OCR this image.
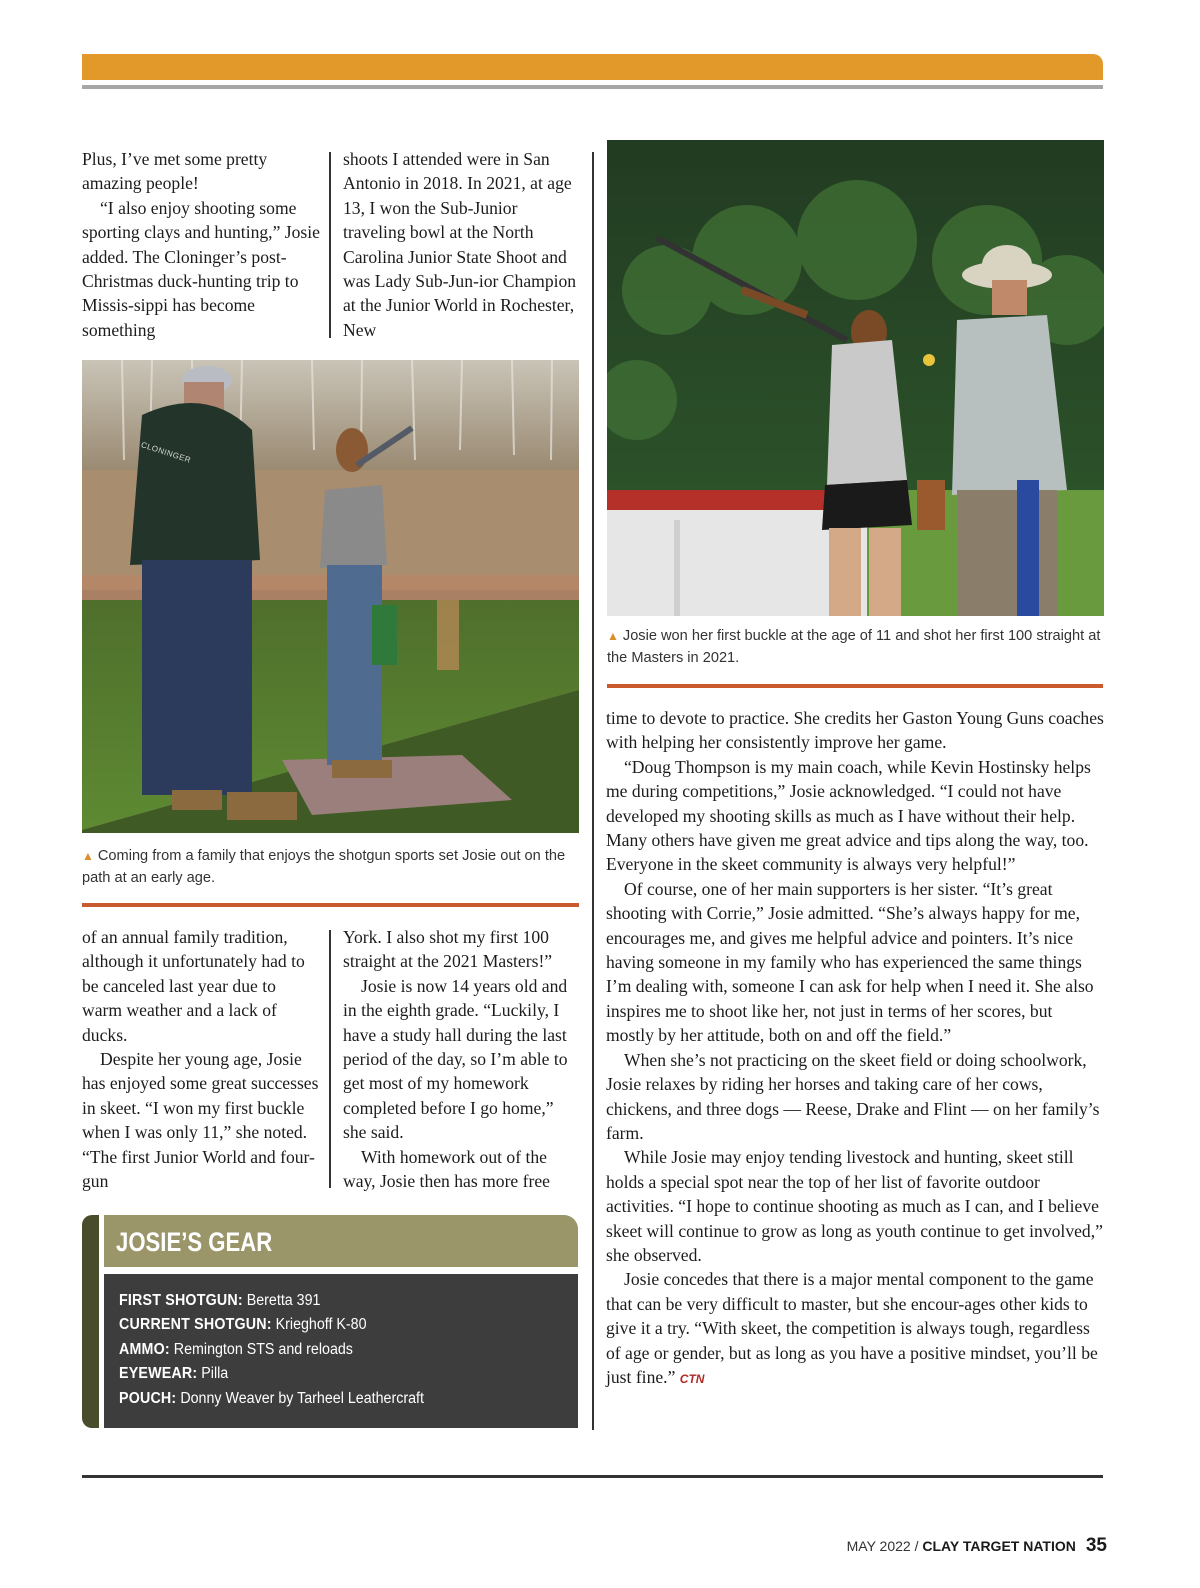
Plus, I’ve met some pretty amazing people!

“I also enjoy shooting some sporting clays and hunting,” Josie added. The Cloninger’s post-Christmas duck-hunting trip to Missis-sippi has become something

shoots I attended were in San Antonio in 2018. In 2021, at age 13, I won the Sub-Junior traveling bowl at the North Carolina Junior State Shoot and was Lady Sub-Jun-ior Champion at the Junior World in Rochester, New

CLONINGER
▲ Coming from a family that enjoys the shotgun sports set Josie out on the path at an early age.

of an annual family tradition, although it unfortunately had to be canceled last year due to warm weather and a lack of ducks.

Despite her young age, Josie has enjoyed some great successes in skeet. “I won my first buckle when I was only 11,” she noted. “The first Junior World and four-gun

York. I also shot my first 100 straight at the 2021 Masters!”

Josie is now 14 years old and in the eighth grade. “Luckily, I have a study hall during the last period of the day, so I’m able to get most of my homework completed before I go home,” she said.

With homework out of the way, Josie then has more free

JOSIE’S GEAR
FIRST SHOTGUN: Beretta 391
CURRENT SHOTGUN: Krieghoff K-80
AMMO: Remington STS and reloads
EYEWEAR: Pilla
POUCH: Donny Weaver by Tarheel Leathercraft
▲ Josie won her first buckle at the age of 11 and shot her first 100 straight at the Masters in 2021.

time to devote to practice. She credits her Gaston Young Guns coaches with helping her consistently improve her game.

“Doug Thompson is my main coach, while Kevin Hostinsky helps me during competitions,” Josie acknowledged. “I could not have developed my shooting skills as much as I have without their help. Many others have given me great advice and tips along the way, too. Everyone in the skeet community is always very helpful!”

Of course, one of her main supporters is her sister. “It’s great shooting with Corrie,” Josie admitted. “She’s always happy for me, encourages me, and gives me helpful advice and pointers. It’s nice having someone in my family who has experienced the same things I’m dealing with, someone I can ask for help when I need it. She also inspires me to shoot like her, not just in terms of her scores, but mostly by her attitude, both on and off the field.”

When she’s not practicing on the skeet field or doing schoolwork, Josie relaxes by riding her horses and taking care of her cows, chickens, and three dogs — Reese, Drake and Flint — on her family’s farm.

While Josie may enjoy tending livestock and hunting, skeet still holds a special spot near the top of her list of favorite outdoor activities. “I hope to continue shooting as much as I can, and I believe skeet will continue to grow as long as youth continue to get involved,” she observed.

Josie concedes that there is a major mental component to the game that can be very difficult to master, but she encour-ages other kids to give it a try. “With skeet, the competition is always tough, regardless of age or gender, but as long as you have a positive mindset, you’ll be just fine.” CTN

MAY 2022 / CLAY TARGET NATION 35
